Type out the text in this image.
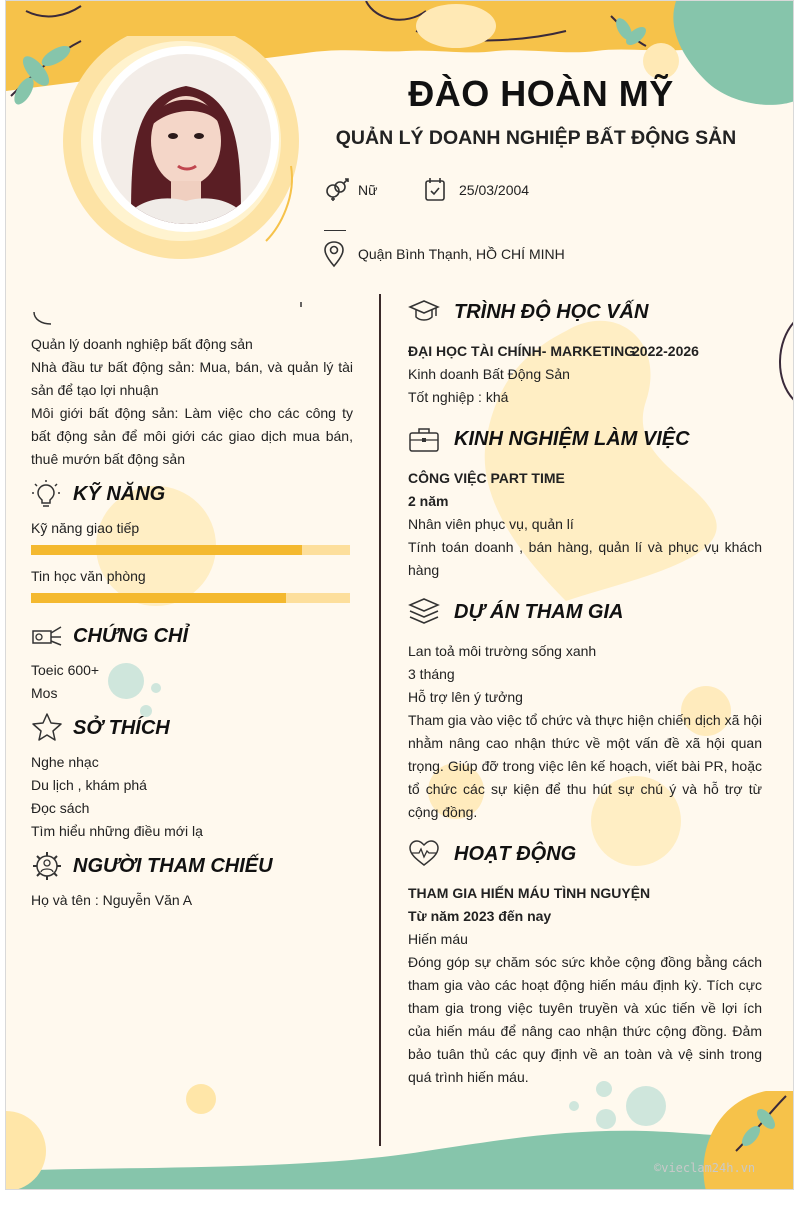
ĐÀO HOÀN MỸ
QUẢN LÝ DOANH NGHIỆP BẤT ĐỘNG SẢN
Nữ	25/03/2004
Quận Bình Thạnh, HỒ CHÍ MINH
Quản lý doanh nghiệp bất động sản
Nhà đầu tư bất động sản: Mua, bán, và quản lý tài sản để tạo lợi nhuận
Môi giới bất động sản: Làm việc cho các công ty bất động sản để môi giới các giao dịch mua bán, thuê mướn bất động sản
KỸ NĂNG
Kỹ năng giao tiếp
Tin học văn phòng
CHỨNG CHỈ
Toeic 600+
Mos
SỞ THÍCH
Nghe nhạc
Du lịch , khám phá
Đọc sách
Tìm hiểu những điều mới lạ
NGƯỜI THAM CHIẾU
Họ và tên : Nguyễn Văn A
TRÌNH ĐỘ HỌC VẤN
ĐẠI HỌC TÀI CHÍNH- MARKETING
2022-2026
Kinh doanh Bất Động Sản
Tốt nghiệp : khá
KINH NGHIỆM LÀM VIỆC
CÔNG VIỆC PART TIME
2 năm
Nhân viên phục vụ, quản lí
Tính toán doanh , bán hàng, quản lí và phục vụ khách hàng
DỰ ÁN THAM GIA
Lan toả môi trường sống xanh
3 tháng
Hỗ trợ lên ý tưởng
Tham gia vào việc tổ chức và thực hiện chiến dịch xã hội nhằm nâng cao nhận thức về một vấn đề xã hội quan trọng. Giúp đỡ trong việc lên kế hoạch, viết bài PR, hoặc tổ chức các sự kiện để thu hút sự chú ý và hỗ trợ từ cộng đồng.
HOẠT ĐỘNG
THAM GIA HIẾN MÁU TÌNH NGUYỆN
Từ năm 2023 đến nay
Hiến máu
Đóng góp sự chăm sóc sức khỏe cộng đồng bằng cách tham gia vào các hoạt động hiến máu định kỳ. Tích cực tham gia trong việc tuyên truyền và xúc tiến về lợi ích của hiến máu để nâng cao nhận thức cộng đồng. Đảm bảo tuân thủ các quy định về an toàn và vệ sinh trong quá trình hiến máu.
©vieclam24h.vn
